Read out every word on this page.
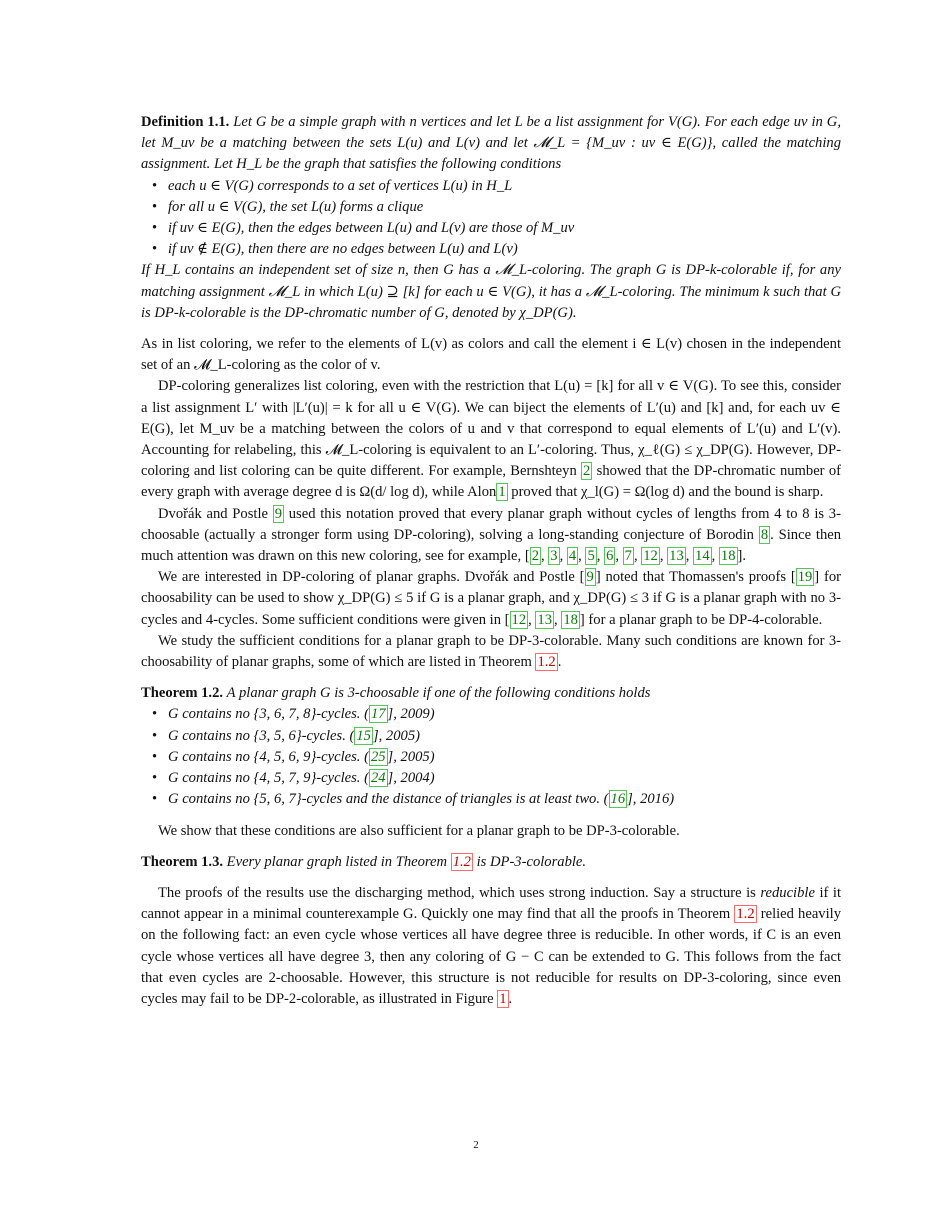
Definition 1.1. Let G be a simple graph with n vertices and let L be a list assignment for V(G). For each edge uv in G, let M_uv be a matching between the sets L(u) and L(v) and let 𝓜_L = {M_uv : uv ∈ E(G)}, called the matching assignment. Let H_L be the graph that satisfies the following conditions

• each u ∈ V(G) corresponds to a set of vertices L(u) in H_L
• for all u ∈ V(G), the set L(u) forms a clique
• if uv ∈ E(G), then the edges between L(u) and L(v) are those of M_uv
• if uv ∉ E(G), then there are no edges between L(u) and L(v)

If H_L contains an independent set of size n, then G has a 𝓜_L-coloring. The graph G is DP-k-colorable if, for any matching assignment 𝓜_L in which L(u) ⊇ [k] for each u ∈ V(G), it has a 𝓜_L-coloring. The minimum k such that G is DP-k-colorable is the DP-chromatic number of G, denoted by χ_DP(G).

As in list coloring, we refer to the elements of L(v) as colors and call the element i ∈ L(v) chosen in the independent set of an 𝓜_L-coloring as the color of v.

DP-coloring generalizes list coloring, even with the restriction that L(u) = [k] for all v ∈ V(G). To see this, consider a list assignment L′ with |L′(u)| = k for all u ∈ V(G). We can biject the elements of L′(u) and [k] and, for each uv ∈ E(G), let M_uv be a matching between the colors of u and v that correspond to equal elements of L′(u) and L′(v). Accounting for relabeling, this 𝓜_L-coloring is equivalent to an L′-coloring. Thus, χ_ℓ(G) ≤ χ_DP(G). However, DP-coloring and list coloring can be quite different. For example, Bernshteyn 2 showed that the DP-chromatic number of every graph with average degree d is Ω(d/ log d), while Alon 1 proved that χ_l(G) = Ω(log d) and the bound is sharp.

Dvořák and Postle 9 used this notation proved that every planar graph without cycles of lengths from 4 to 8 is 3-choosable (actually a stronger form using DP-coloring), solving a long-standing conjecture of Borodin 8 . Since then much attention was drawn on this new coloring, see for example, [ 2 , 3 , 4 , 5 , 6 , 7 , 12 , 13 , 14 , 18 ].

We are interested in DP-coloring of planar graphs. Dvořák and Postle [ 9 ] noted that Thomassen's proofs [ 19 ] for choosability can be used to show χ_DP(G) ≤ 5 if G is a planar graph, and χ_DP(G) ≤ 3 if G is a planar graph with no 3-cycles and 4-cycles. Some sufficient conditions were given in [ 12 , 13 , 18 ] for a planar graph to be DP-4-colorable.

We study the sufficient conditions for a planar graph to be DP-3-colorable. Many such conditions are known for 3-choosability of planar graphs, some of which are listed in Theorem 1.2 .

Theorem 1.2. A planar graph G is 3-choosable if one of the following conditions holds

• G contains no {3, 6, 7, 8}-cycles. ( 17 ], 2009)
• G contains no {3, 5, 6}-cycles. ( 15 ], 2005)
• G contains no {4, 5, 6, 9}-cycles. ( 25 ], 2005)
• G contains no {4, 5, 7, 9}-cycles. ( 24 ], 2004)
• G contains no {5, 6, 7}-cycles and the distance of triangles is at least two. ( 16 ], 2016)

We show that these conditions are also sufficient for a planar graph to be DP-3-colorable.

Theorem 1.3. Every planar graph listed in Theorem 1.2 is DP-3-colorable.

The proofs of the results use the discharging method, which uses strong induction. Say a structure is reducible if it cannot appear in a minimal counterexample G. Quickly one may find that all the proofs in Theorem 1.2 relied heavily on the following fact: an even cycle whose vertices all have degree three is reducible. In other words, if C is an even cycle whose vertices all have degree 3, then any coloring of G − C can be extended to G. This follows from the fact that even cycles are 2-choosable. However, this structure is not reducible for results on DP-3-coloring, since even cycles may fail to be DP-2-colorable, as illustrated in Figure 1 .

2
